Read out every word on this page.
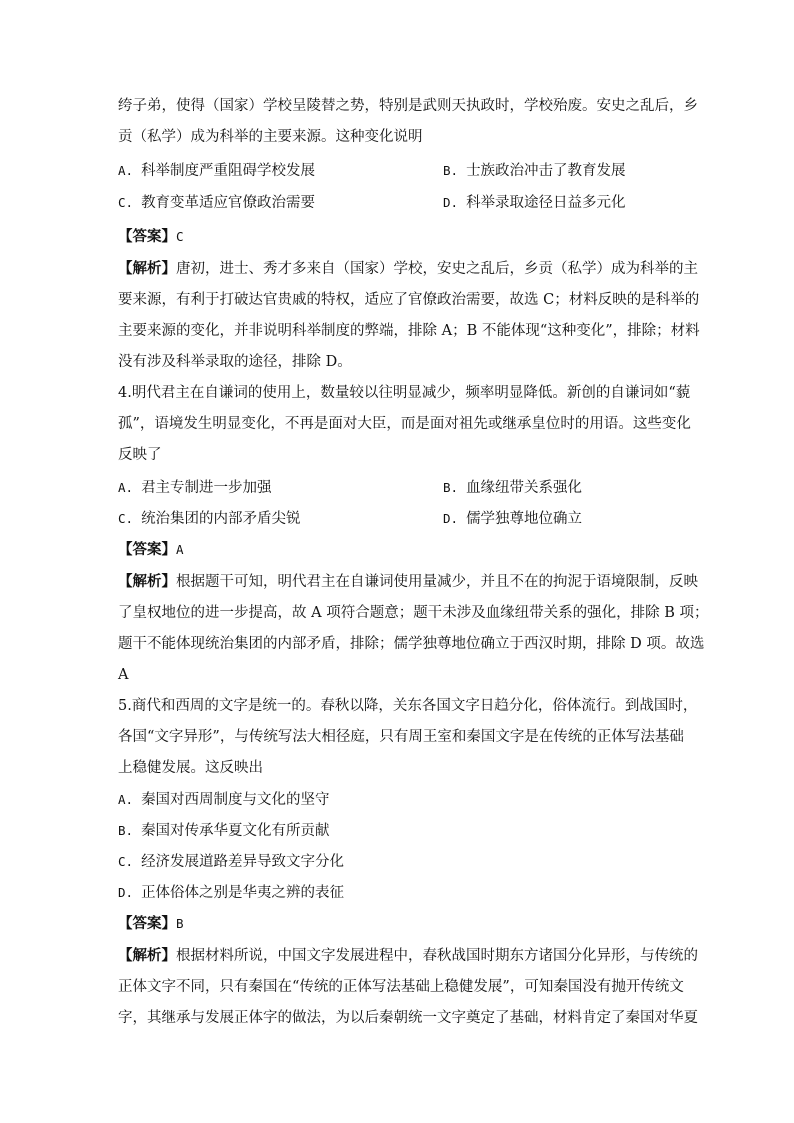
绔子弟，使得（国家）学校呈陵替之势，特别是武则天执政时，学校殆废。安史之乱后，乡
贡（私学）成为科举的主要来源。这种变化说明
A. 科举制度严重阻碍学校发展	B. 士族政治冲击了教育发展
C. 教育变革适应官僚政治需要	D. 科举录取途径日益多元化
【答案】C
【解析】唐初，进士、秀才多来自（国家）学校，安史之乱后，乡贡（私学）成为科举的主
要来源，有利于打破达官贵戚的特权，适应了官僚政治需要，故选 C；材料反映的是科举的
主要来源的变化，并非说明科举制度的弊端，排除 A；B 不能体现“这种变化”，排除；材料
没有涉及科举录取的途径，排除 D。
4.明代君主在自谦词的使用上，数量较以往明显减少，频率明显降低。新创的自谦词如“藐
孤”，语境发生明显变化，不再是面对大臣，而是面对祖先或继承皇位时的用语。这些变化
反映了
A. 君主专制进一步加强	B. 血缘纽带关系强化
C. 统治集团的内部矛盾尖锐	D. 儒学独尊地位确立
【答案】A
【解析】根据题干可知，明代君主在自谦词使用量减少，并且不在的拘泥于语境限制，反映
了皇权地位的进一步提高，故 A 项符合题意；题干未涉及血缘纽带关系的强化，排除 B 项；
题干不能体现统治集团的内部矛盾，排除；儒学独尊地位确立于西汉时期，排除 D 项。故选
A
5.商代和西周的文字是统一的。春秋以降，关东各国文字日趋分化，俗体流行。到战国时，
各国“文字异形”，与传统写法大相径庭，只有周王室和秦国文字是在传统的正体写法基础
上稳健发展。这反映出
A. 秦国对西周制度与文化的坚守
B. 秦国对传承华夏文化有所贡献
C. 经济发展道路差异导致文字分化
D. 正体俗体之别是华夷之辨的表征
【答案】B
【解析】根据材料所说，中国文字发展进程中，春秋战国时期东方诸国分化异形，与传统的
正体文字不同，只有秦国在“传统的正体写法基础上稳健发展”，可知秦国没有抛开传统文
字，其继承与发展正体字的做法，为以后秦朝统一文字奠定了基础，材料肯定了秦国对华夏
